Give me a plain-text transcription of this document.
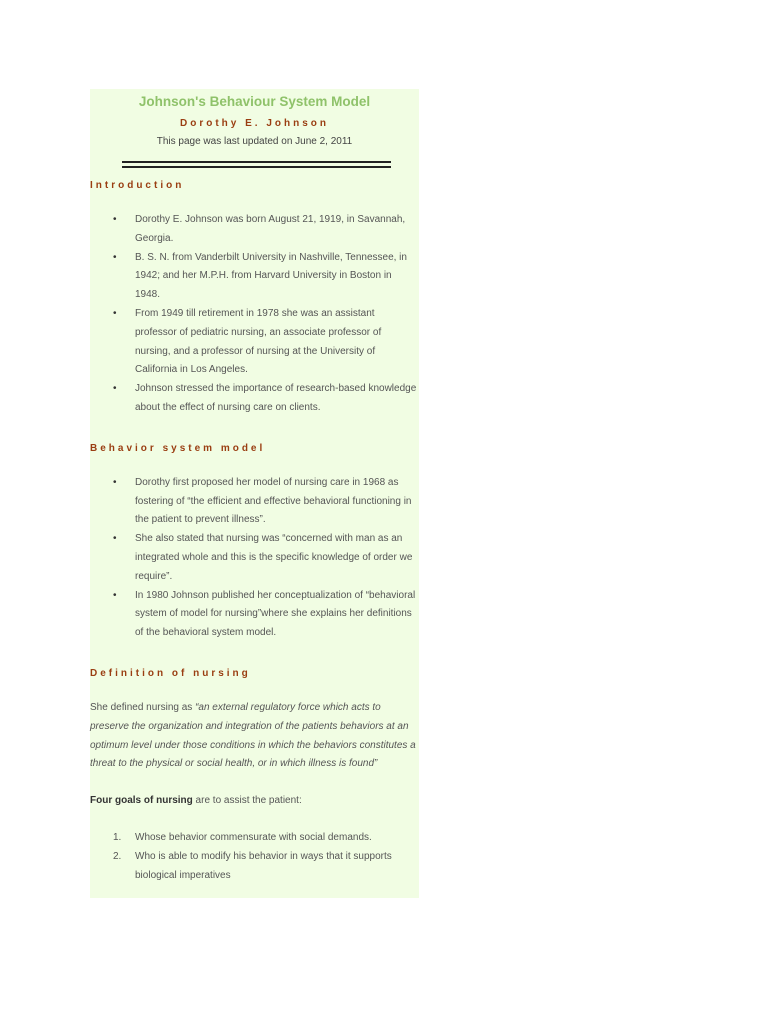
Johnson's Behaviour System Model
Dorothy E. Johnson
This page was last updated on June 2, 2011
Introduction
• Dorothy E. Johnson was born August 21, 1919, in Savannah, Georgia.
• B. S. N. from Vanderbilt University in Nashville, Tennessee, in 1942; and her M.P.H. from Harvard University in Boston in 1948.
• From 1949 till retirement in 1978 she was an assistant professor of pediatric nursing, an associate professor of nursing, and a professor of nursing at the University of California in Los Angeles.
• Johnson stressed the importance of research-based knowledge about the effect of nursing care on clients.
Behavior system model
• Dorothy first proposed her model of nursing care in 1968 as fostering of “the efficient and effective behavioral functioning in the patient to prevent illness”.
• She also stated that nursing was “concerned with man as an integrated whole and this is the specific knowledge of order we require”.
• In 1980 Johnson published her conceptualization of “behavioral system of model for nursing”where she explains her definitions of the behavioral system model.
Definition of nursing

She defined nursing as “an external regulatory force which acts to preserve the organization and integration of the patients behaviors at an optimum level under those conditions in which the behaviors constitutes a threat to the physical or social health, or in which illness is found”

Four goals of nursing are to assist the patient:

1. Whose behavior commensurate with social demands.
2. Who is able to modify his behavior in ways that it supports biological imperatives
